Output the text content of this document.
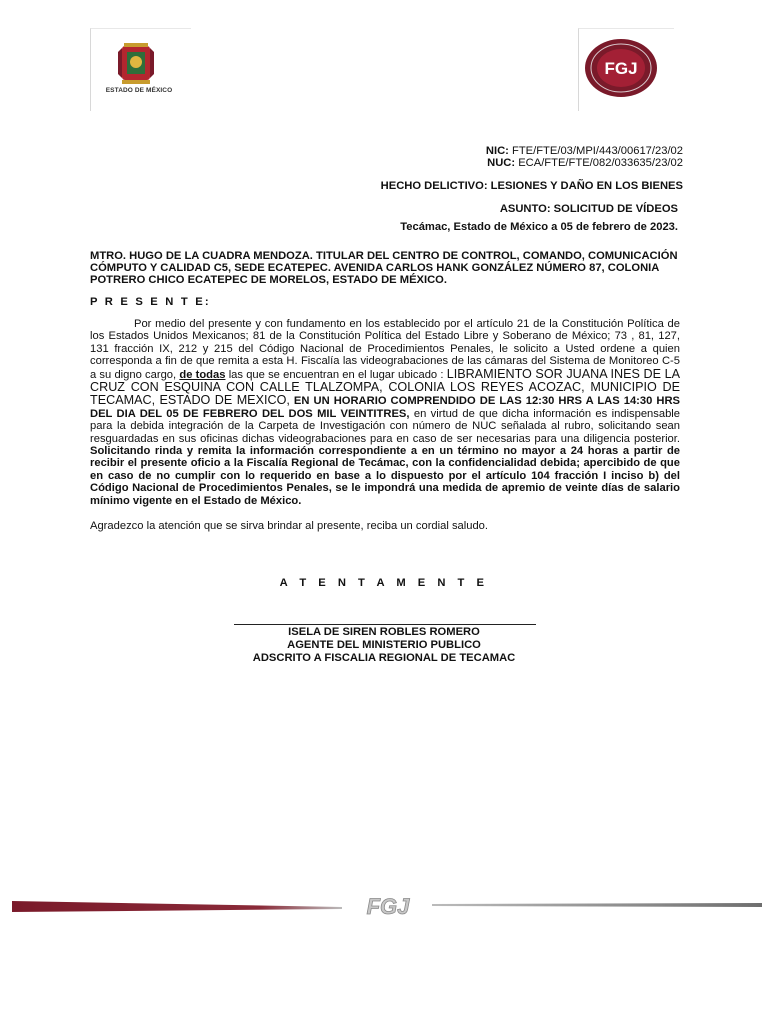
ESTADO DE MÉXICO
FGJ
NIC: FTE/FTE/03/MPI/443/00617/23/02
NUC: ECA/FTE/FTE/082/033635/23/02
HECHO DELICTIVO: LESIONES Y DAÑO EN LOS BIENES
ASUNTO: SOLICITUD DE VÍDEOS
Tecámac, Estado de México a 05 de febrero de 2023.
MTRO. HUGO DE LA CUADRA MENDOZA. TITULAR DEL CENTRO DE CONTROL, COMANDO, COMUNICACIÓN CÓMPUTO Y CALIDAD C5, SEDE ECATEPEC. AVENIDA CARLOS HANK GONZÁLEZ NÚMERO 87, COLONIA POTRERO CHICO ECATEPEC DE MORELOS, ESTADO DE MÉXICO.
P R E S E N T E:
Por medio del presente y con fundamento en los establecido por el artículo 21 de la Constitución Política de los Estados Unidos Mexicanos; 81 de la Constitución Política del Estado Libre y Soberano de México; 73 , 81, 127, 131 fracción IX, 212 y 215 del Código Nacional de Procedimientos Penales, le solicito a Usted ordene a quien corresponda a fin de que remita a esta H. Fiscalía las videograbaciones de las cámaras del Sistema de Monitoreo C-5 a su digno cargo, de todas las que se encuentran en el lugar ubicado : LIBRAMIENTO SOR JUANA INES DE LA CRUZ CON ESQUINA CON CALLE TLALZOMPA, COLONIA LOS REYES ACOZAC, MUNICIPIO DE TECAMAC, ESTADO DE MEXICO, EN UN HORARIO COMPRENDIDO DE LAS 12:30 HRS A LAS 14:30 HRS DEL DIA DEL 05 DE FEBRERO DEL DOS MIL VEINTITRES, en virtud de que dicha información es indispensable para la debida integración de la Carpeta de Investigación con número de NUC señalada al rubro, solicitando sean resguardadas en sus oficinas dichas videograbaciones para en caso de ser necesarias para una diligencia posterior. Solicitando rinda y remita la información correspondiente a en un término no mayor a 24 horas a partir de recibir el presente oficio a la Fiscalía Regional de Tecámac, con la confidencialidad debida; apercibido de que en caso de no cumplir con lo requerido en base a lo dispuesto por el artículo 104 fracción I inciso b) del Código Nacional de Procedimientos Penales, se le impondrá una medida de apremio de veinte días de salario mínimo vigente en el Estado de México.
Agradezco la atención que se sirva brindar al presente, reciba un cordial saludo.
A T E N T A M E N T E
ISELA DE SIREN ROBLES ROMERO
AGENTE DEL MINISTERIO PUBLICO
ADSCRITO A FISCALIA REGIONAL DE TECAMAC
FGJ
